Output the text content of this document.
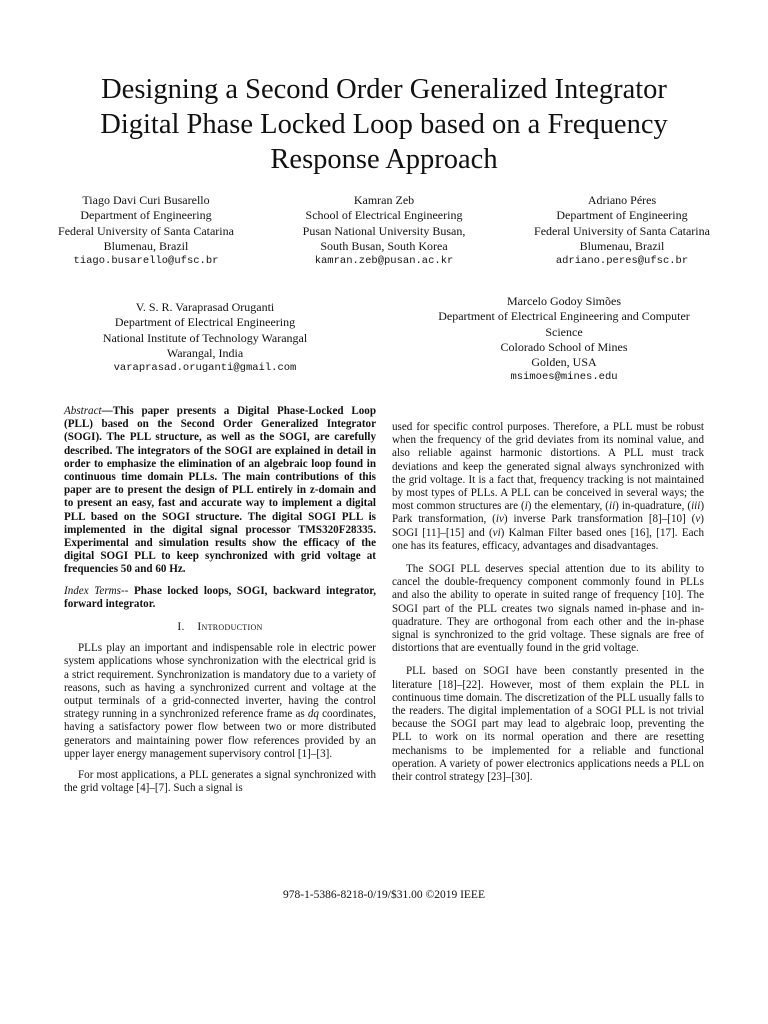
Designing a Second Order Generalized Integrator
Digital Phase Locked Loop based on a Frequency
Response Approach
Tiago Davi Curi Busarello
Department of Engineering
Federal University of Santa Catarina
Blumenau, Brazil
tiago.busarello@ufsc.br
Kamran Zeb
School of Electrical Engineering
Pusan National University Busan,
South Busan, South Korea
kamran.zeb@pusan.ac.kr
Adriano Péres
Department of Engineering
Federal University of Santa Catarina
Blumenau, Brazil
adriano.peres@ufsc.br
V. S. R. Varaprasad Oruganti
Department of Electrical Engineering
National Institute of Technology Warangal
Warangal, India
varaprasad.oruganti@gmail.com
Marcelo Godoy Simões
Department of Electrical Engineering and Computer
Science
Colorado School of Mines
Golden, USA
msimoes@mines.edu

Abstract—This paper presents a Digital Phase-Locked Loop (PLL) based on the Second Order Generalized Integrator (SOGI). The PLL structure, as well as the SOGI, are carefully described. The integrators of the SOGI are explained in detail in order to emphasize the elimination of an algebraic loop found in continuous time domain PLLs. The main contributions of this paper are to present the design of PLL entirely in z-domain and to present an easy, fast and accurate way to implement a digital PLL based on the SOGI structure. The digital SOGI PLL is implemented in the digital signal processor TMS320F28335. Experimental and simulation results show the efficacy of the digital SOGI PLL to keep synchronized with grid voltage at frequencies 50 and 60 Hz.

Index Terms-- Phase locked loops, SOGI, backward integrator, forward integrator.

I. Introduction

PLLs play an important and indispensable role in electric power system applications whose synchronization with the electrical grid is a strict requirement. Synchronization is mandatory due to a variety of reasons, such as having a synchronized current and voltage at the output terminals of a grid-connected inverter, having the control strategy running in a synchronized reference frame as dq coordinates, having a satisfactory power flow between two or more distributed generators and maintaining power flow references provided by an upper layer energy management supervisory control [1]–[3].

For most applications, a PLL generates a signal synchronized with the grid voltage [4]–[7]. Such a signal is

used for specific control purposes. Therefore, a PLL must be robust when the frequency of the grid deviates from its nominal value, and also reliable against harmonic distortions. A PLL must track deviations and keep the generated signal always synchronized with the grid voltage. It is a fact that, frequency tracking is not maintained by most types of PLLs. A PLL can be conceived in several ways; the most common structures are (i) the elementary, (ii) in-quadrature, (iii) Park transformation, (iv) inverse Park transformation [8]–[10] (v) SOGI [11]–[15] and (vi) Kalman Filter based ones [16], [17]. Each one has its features, efficacy, advantages and disadvantages.

The SOGI PLL deserves special attention due to its ability to cancel the double-frequency component commonly found in PLLs and also the ability to operate in suited range of frequency [10]. The SOGI part of the PLL creates two signals named in-phase and in-quadrature. They are orthogonal from each other and the in-phase signal is synchronized to the grid voltage. These signals are free of distortions that are eventually found in the grid voltage.

PLL based on SOGI have been constantly presented in the literature [18]–[22]. However, most of them explain the PLL in continuous time domain. The discretization of the PLL usually falls to the readers. The digital implementation of a SOGI PLL is not trivial because the SOGI part may lead to algebraic loop, preventing the PLL to work on its normal operation and there are resetting mechanisms to be implemented for a reliable and functional operation. A variety of power electronics applications needs a PLL on their control strategy [23]–[30].

978-1-5386-8218-0/19/$31.00 ©2019 IEEE
